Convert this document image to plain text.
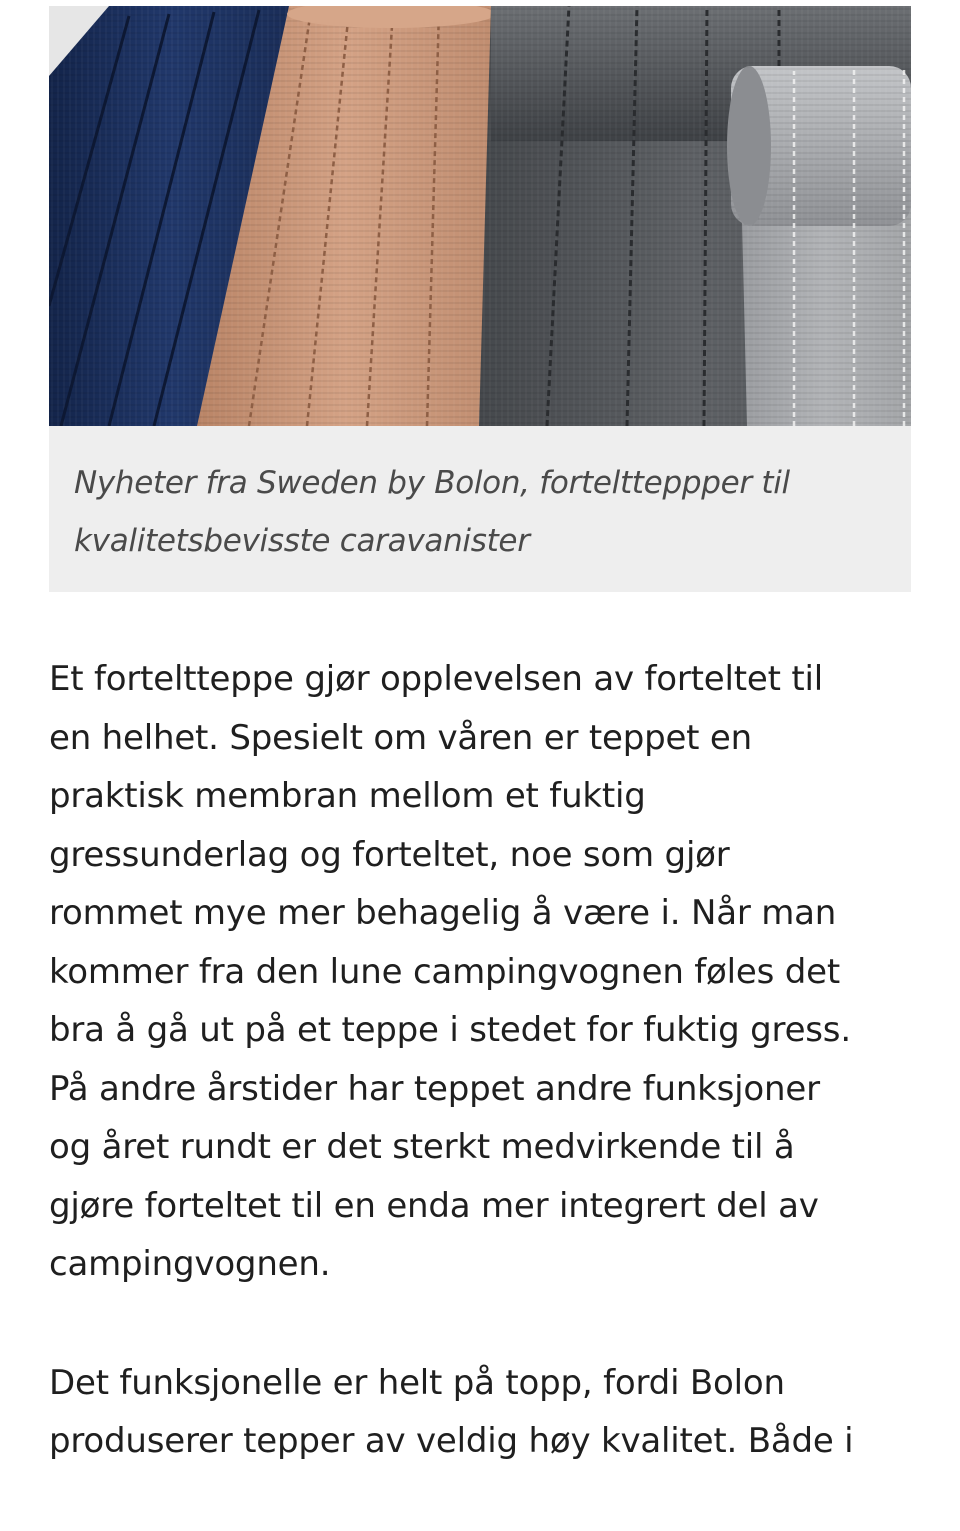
Nyheter fra Sweden by Bolon, forteltteppper til
kvalitetsbevisste caravanister

Et forteltteppe gjør opplevelsen av forteltet til
en helhet. Spesielt om våren er teppet en
praktisk membran mellom et fuktig
gressunderlag og forteltet, noe som gjør
rommet mye mer behagelig å være i. Når man
kommer fra den lune campingvognen føles det
bra å gå ut på et teppe i stedet for fuktig gress.
På andre årstider har teppet andre funksjoner
og året rundt er det sterkt medvirkende til å
gjøre forteltet til en enda mer integrert del av
campingvognen.

Det funksjonelle er helt på topp, fordi Bolon
produserer tepper av veldig høy kvalitet. Både i
